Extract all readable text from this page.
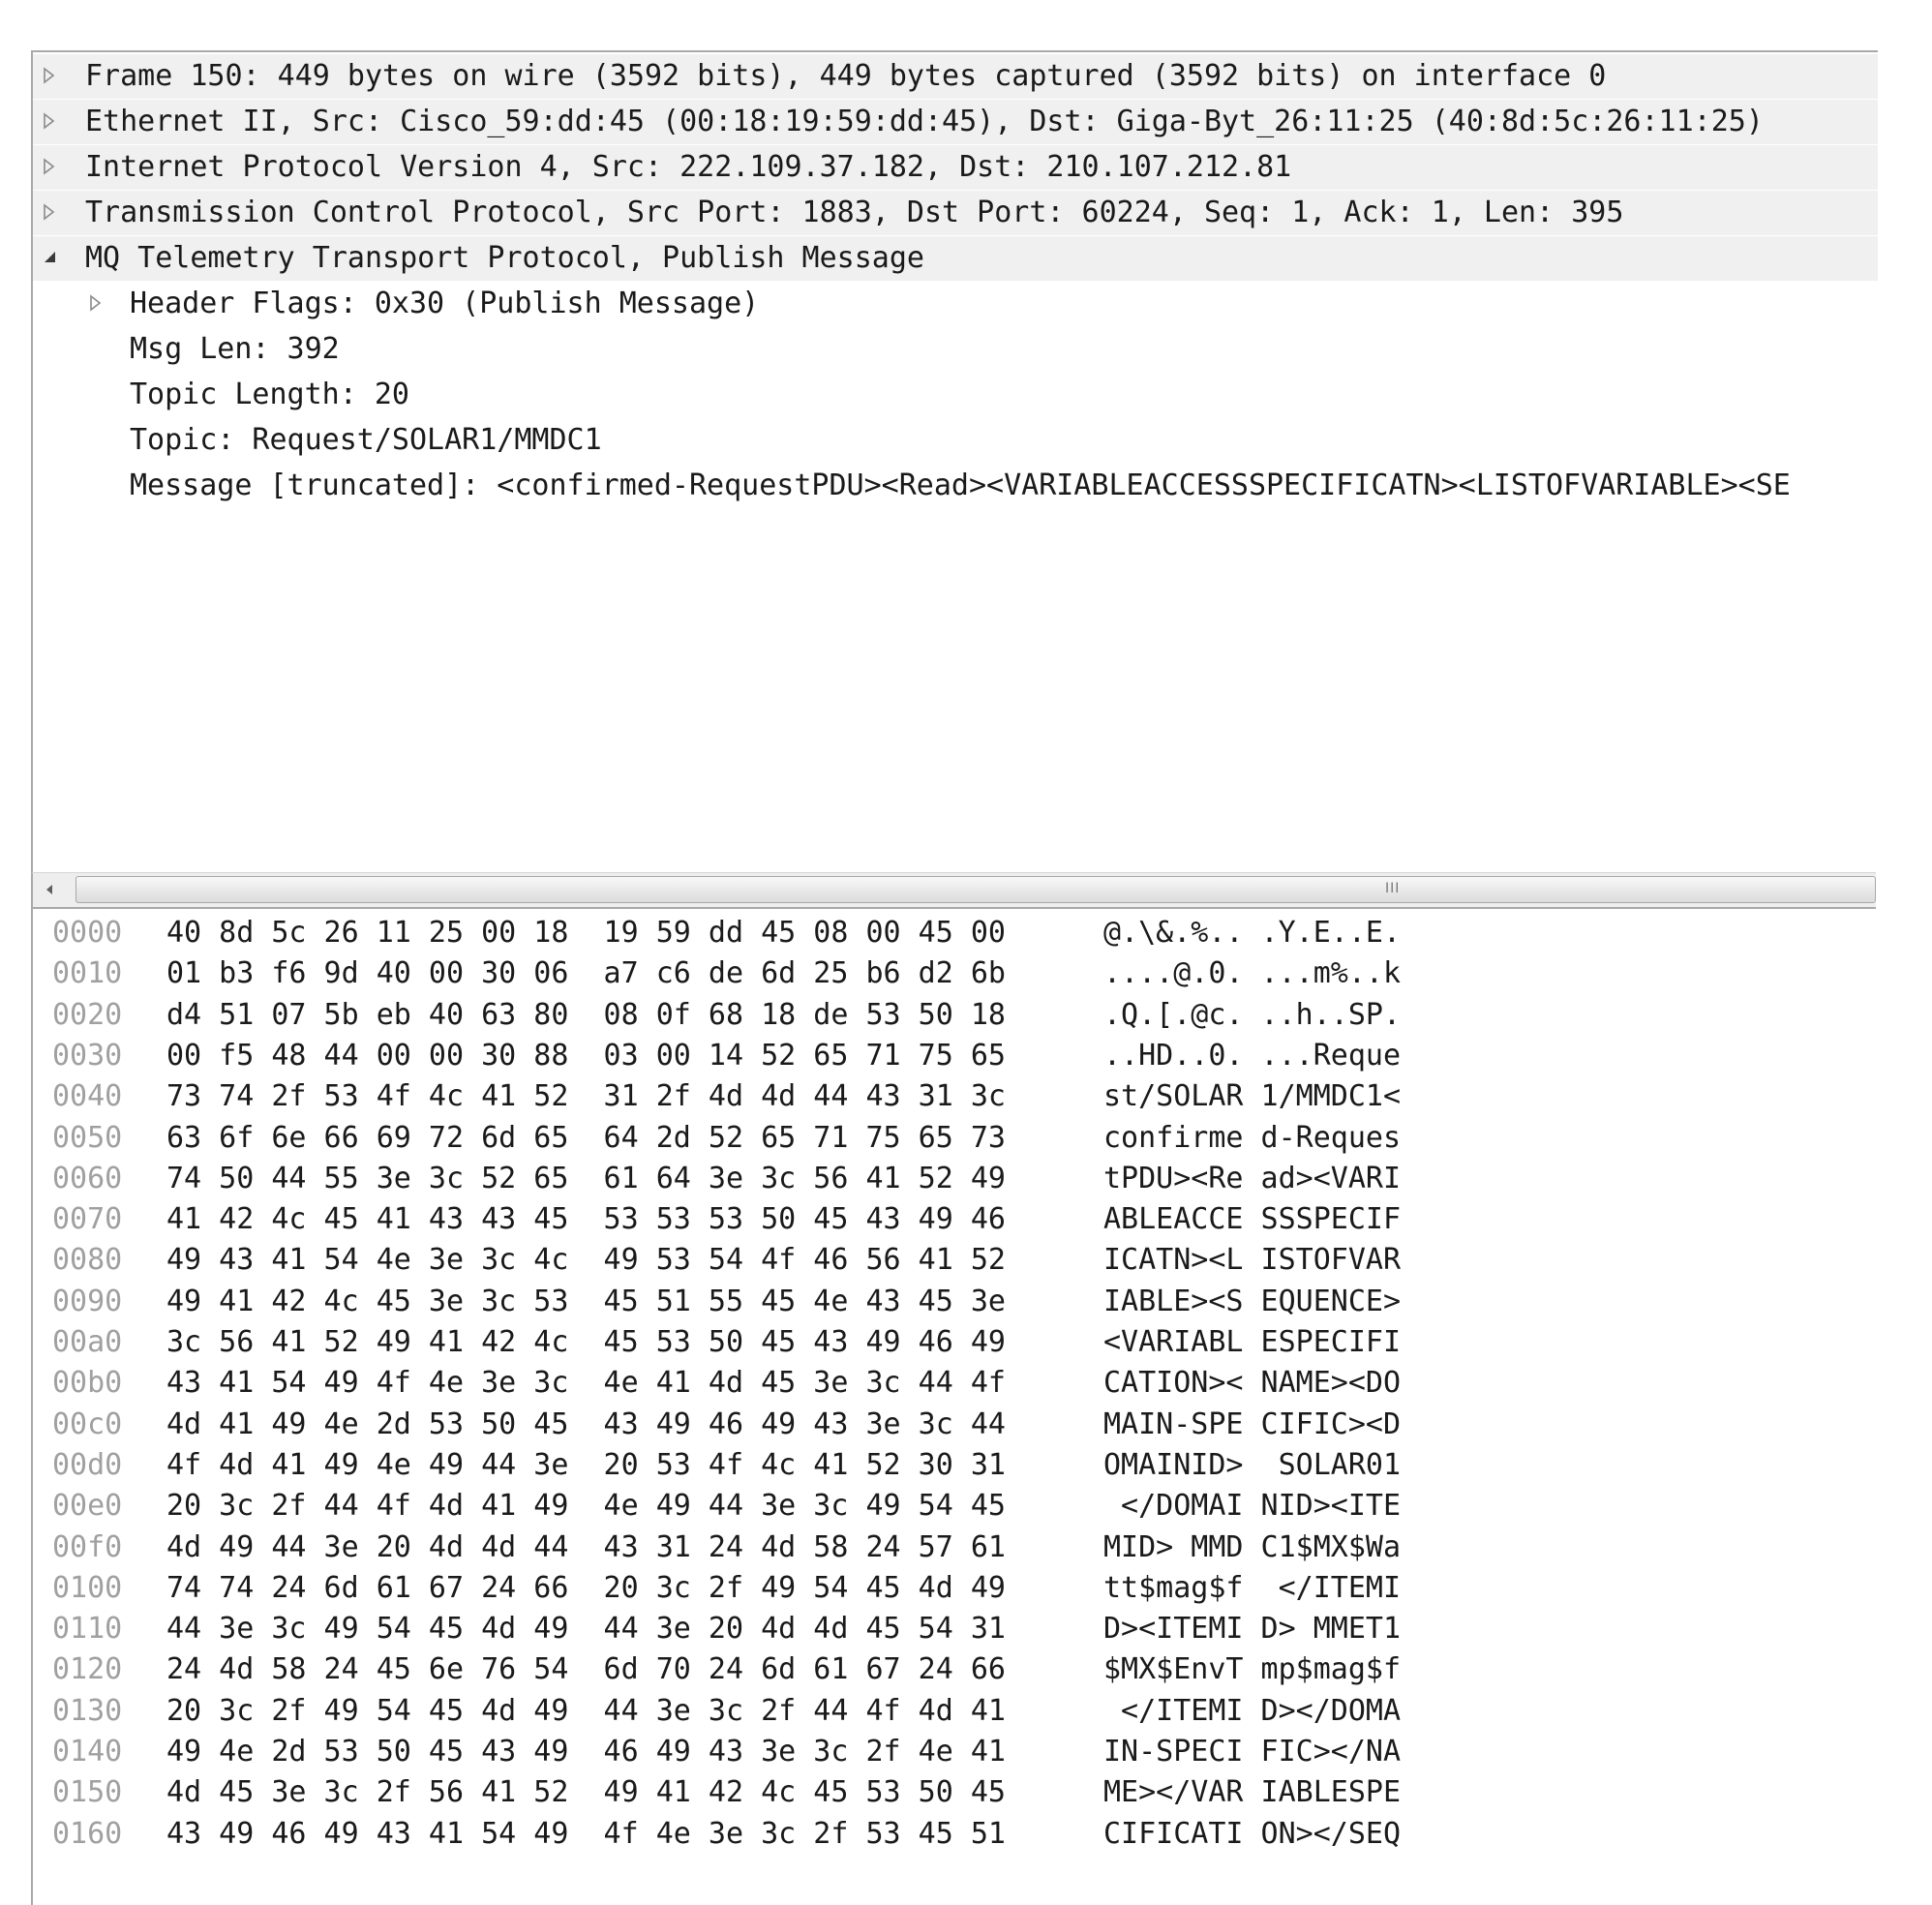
Frame 150: 449 bytes on wire (3592 bits), 449 bytes captured (3592 bits) on interface 0
Ethernet II, Src: Cisco_59:dd:45 (00:18:19:59:dd:45), Dst: Giga-Byt_26:11:25 (40:8d:5c:26:11:25)
Internet Protocol Version 4, Src: 222.109.37.182, Dst: 210.107.212.81
Transmission Control Protocol, Src Port: 1883, Dst Port: 60224, Seq: 1, Ack: 1, Len: 395
MQ Telemetry Transport Protocol, Publish Message
Header Flags: 0x30 (Publish Message)
Msg Len: 392
Topic Length: 20
Topic: Request/SOLAR1/MMDC1
Message [truncated]: <confirmed-RequestPDU><Read><VARIABLEACCESSSPECIFICATN><LISTOFVARIABLE><SE
III
0000 40 8d 5c 26 11 25 00 18  19 59 dd 45 08 00 45 00	@.\&.%.. .Y.E..E.
0010 01 b3 f6 9d 40 00 30 06  a7 c6 de 6d 25 b6 d2 6b	....@.0. ...m%..k
0020 d4 51 07 5b eb 40 63 80  08 0f 68 18 de 53 50 18	.Q.[.@c. ..h..SP.
0030 00 f5 48 44 00 00 30 88  03 00 14 52 65 71 75 65	..HD..0. ...Reque
0040 73 74 2f 53 4f 4c 41 52  31 2f 4d 4d 44 43 31 3c	st/SOLAR 1/MMDC1<
0050 63 6f 6e 66 69 72 6d 65  64 2d 52 65 71 75 65 73	confirme d-Reques
0060 74 50 44 55 3e 3c 52 65  61 64 3e 3c 56 41 52 49	tPDU><Re ad><VARI
0070 41 42 4c 45 41 43 43 45  53 53 53 50 45 43 49 46	ABLEACCE SSSPECIF
0080 49 43 41 54 4e 3e 3c 4c  49 53 54 4f 46 56 41 52	ICATN><L ISTOFVAR
0090 49 41 42 4c 45 3e 3c 53  45 51 55 45 4e 43 45 3e	IABLE><S EQUENCE>
00a0 3c 56 41 52 49 41 42 4c  45 53 50 45 43 49 46 49	<VARIABL ESPECIFI
00b0 43 41 54 49 4f 4e 3e 3c  4e 41 4d 45 3e 3c 44 4f	CATION>< NAME><DO
00c0 4d 41 49 4e 2d 53 50 45  43 49 46 49 43 3e 3c 44	MAIN-SPE CIFIC><D
00d0 4f 4d 41 49 4e 49 44 3e  20 53 4f 4c 41 52 30 31	OMAINID>  SOLAR01
00e0 20 3c 2f 44 4f 4d 41 49  4e 49 44 3e 3c 49 54 45	</DOMAI NID><ITE
00f0 4d 49 44 3e 20 4d 4d 44  43 31 24 4d 58 24 57 61	MID> MMD C1$MX$Wa
0100 74 74 24 6d 61 67 24 66  20 3c 2f 49 54 45 4d 49	tt$mag$f  </ITEMI
0110 44 3e 3c 49 54 45 4d 49  44 3e 20 4d 4d 45 54 31	D><ITEMI D> MMET1
0120 24 4d 58 24 45 6e 76 54  6d 70 24 6d 61 67 24 66	$MX$EnvT mp$mag$f
0130 20 3c 2f 49 54 45 4d 49  44 3e 3c 2f 44 4f 4d 41	</ITEMI D></DOMA
0140 49 4e 2d 53 50 45 43 49  46 49 43 3e 3c 2f 4e 41	IN-SPECI FIC></NA
0150 4d 45 3e 3c 2f 56 41 52  49 41 42 4c 45 53 50 45	ME></VAR IABLESPE
0160 43 49 46 49 43 41 54 49  4f 4e 3e 3c 2f 53 45 51	CIFICATI ON></SEQ
